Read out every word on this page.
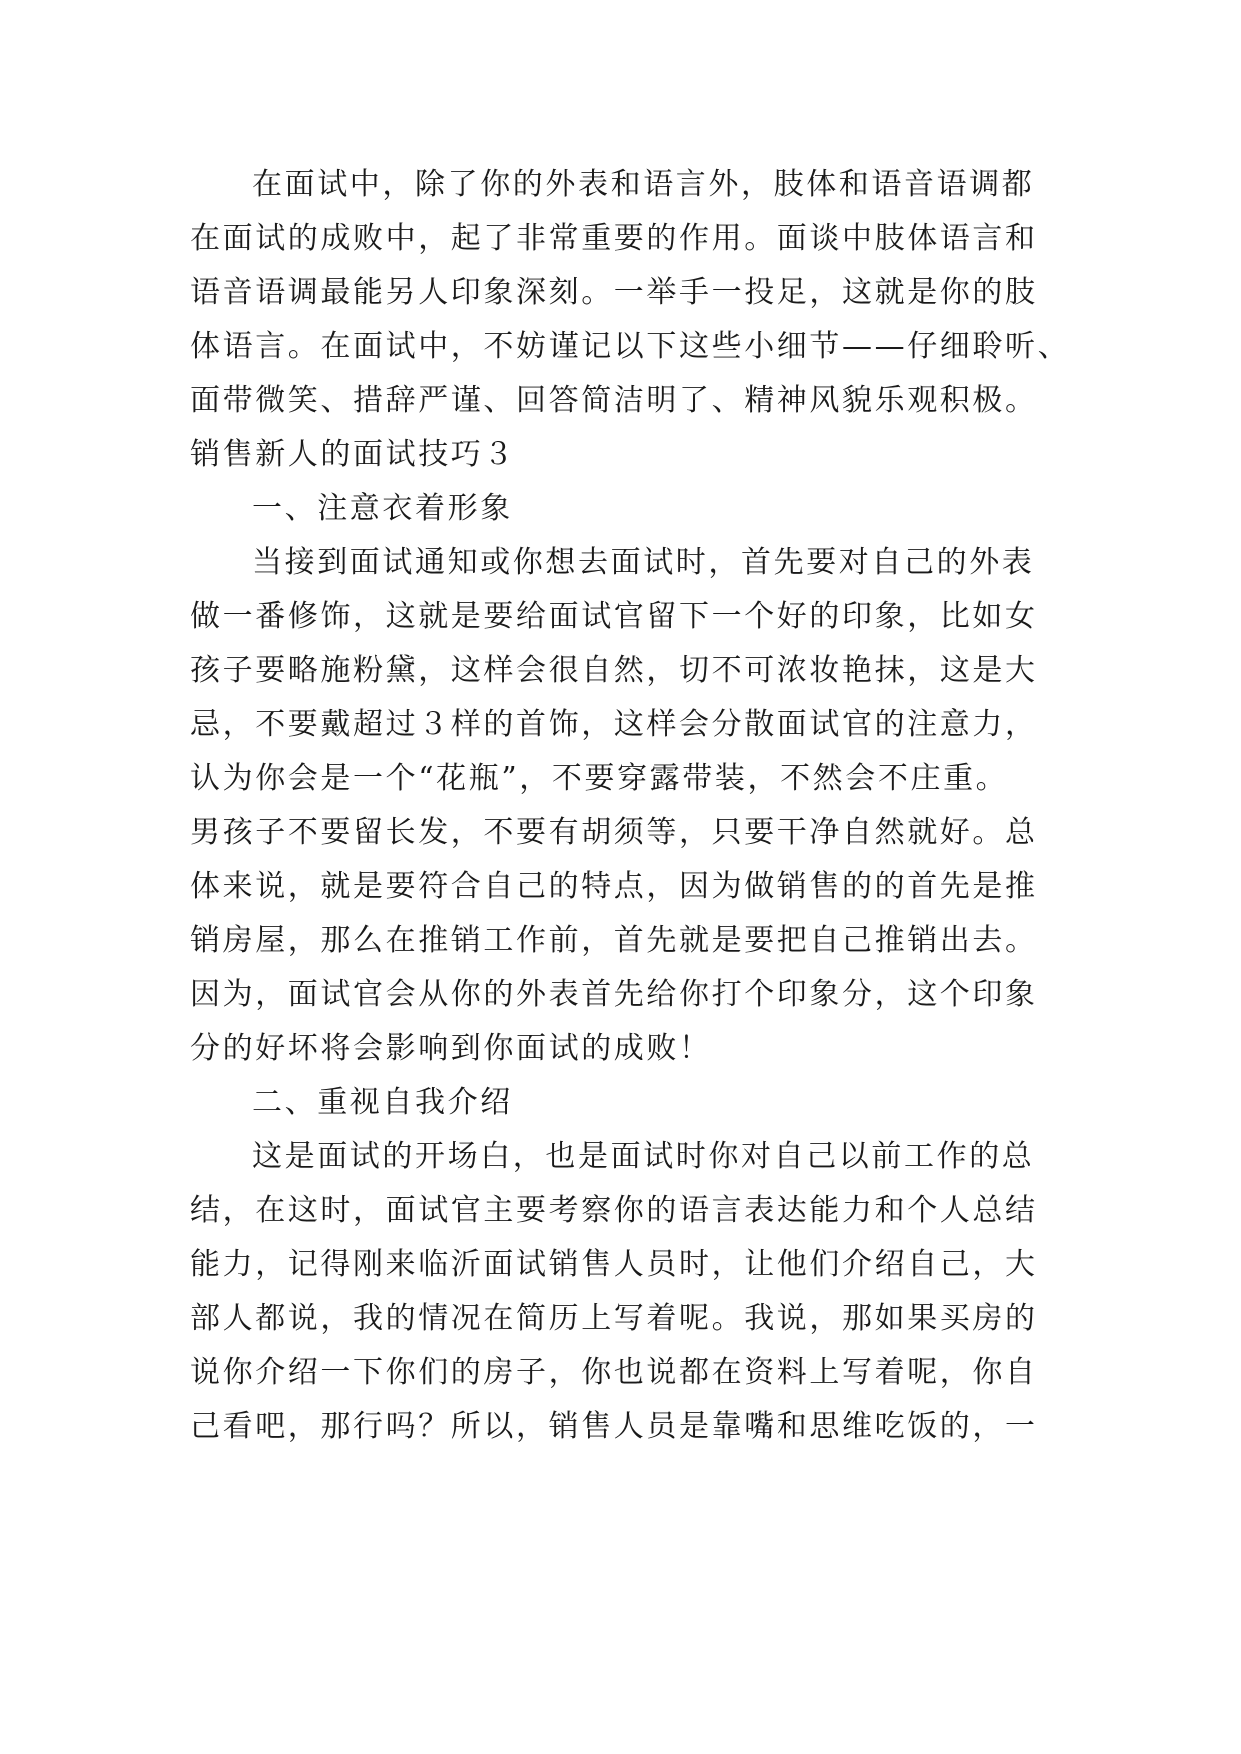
在面试中，除了你的外表和语言外，肢体和语音语调都
在面试的成败中，起了非常重要的作用。面谈中肢体语言和
语音语调最能另人印象深刻。一举手一投足，这就是你的肢
体语言。在面试中，不妨谨记以下这些小细节——仔细聆听、
面带微笑、措辞严谨、回答简洁明了、精神风貌乐观积极。
销售新人的面试技巧３
一、注意衣着形象
当接到面试通知或你想去面试时，首先要对自己的外表
做一番修饰，这就是要给面试官留下一个好的印象，比如女
孩子要略施粉黛，这样会很自然，切不可浓妆艳抹，这是大
忌，不要戴超过３样的首饰，这样会分散面试官的注意力，
认为你会是一个“花瓶”，不要穿露带装，不然会不庄重。
男孩子不要留长发，不要有胡须等，只要干净自然就好。总
体来说，就是要符合自己的特点，因为做销售的的首先是推
销房屋，那么在推销工作前，首先就是要把自己推销出去。
因为，面试官会从你的外表首先给你打个印象分，这个印象
分的好坏将会影响到你面试的成败！
二、重视自我介绍
这是面试的开场白，也是面试时你对自己以前工作的总
结，在这时，面试官主要考察你的语言表达能力和个人总结
能力，记得刚来临沂面试销售人员时，让他们介绍自己，大
部人都说，我的情况在简历上写着呢。我说，那如果买房的
说你介绍一下你们的房子，你也说都在资料上写着呢，你自
己看吧，那行吗？所以，销售人员是靠嘴和思维吃饭的，一
